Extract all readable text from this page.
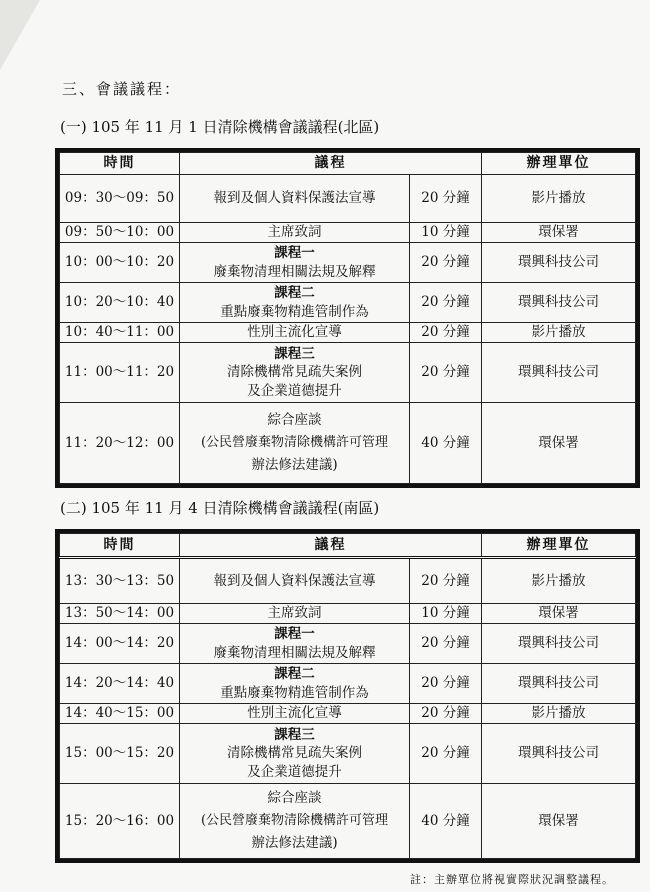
三、會議議程：
(一) 105 年 11 月 1 日清除機構會議議程(北區)
時間	議程		辦理單位
09：30～09：50	報到及個人資料保護法宣導	20 分鐘	影片播放
09：50～10：00	主席致詞	10 分鐘	環保署
10：00～10：20	課程一
廢棄物清理相關法規及解釋	20 分鐘	環興科技公司
10：20～10：40	課程二
重點廢棄物精進管制作為	20 分鐘	環興科技公司
10：40～11：00	性別主流化宣導	20 分鐘	影片播放
11：00～11：20	課程三
清除機構常見疏失案例
及企業道德提升	20 分鐘	環興科技公司
11：20～12：00	綜合座談
(公民營廢棄物清除機構許可管理
辦法修法建議)	40 分鐘	環保署
(二) 105 年 11 月 4 日清除機構會議議程(南區)
時間	議程		辦理單位
13：30～13：50	報到及個人資料保護法宣導	20 分鐘	影片播放
13：50～14：00	主席致詞	10 分鐘	環保署
14：00～14：20	課程一
廢棄物清理相關法規及解釋	20 分鐘	環興科技公司
14：20～14：40	課程二
重點廢棄物精進管制作為	20 分鐘	環興科技公司
14：40～15：00	性別主流化宣導	20 分鐘	影片播放
15：00～15：20	課程三
清除機構常見疏失案例
及企業道德提升	20 分鐘	環興科技公司
15：20～16：00	綜合座談
(公民營廢棄物清除機構許可管理
辦法修法建議)	40 分鐘	環保署
註：主辦單位將視實際狀況調整議程。
